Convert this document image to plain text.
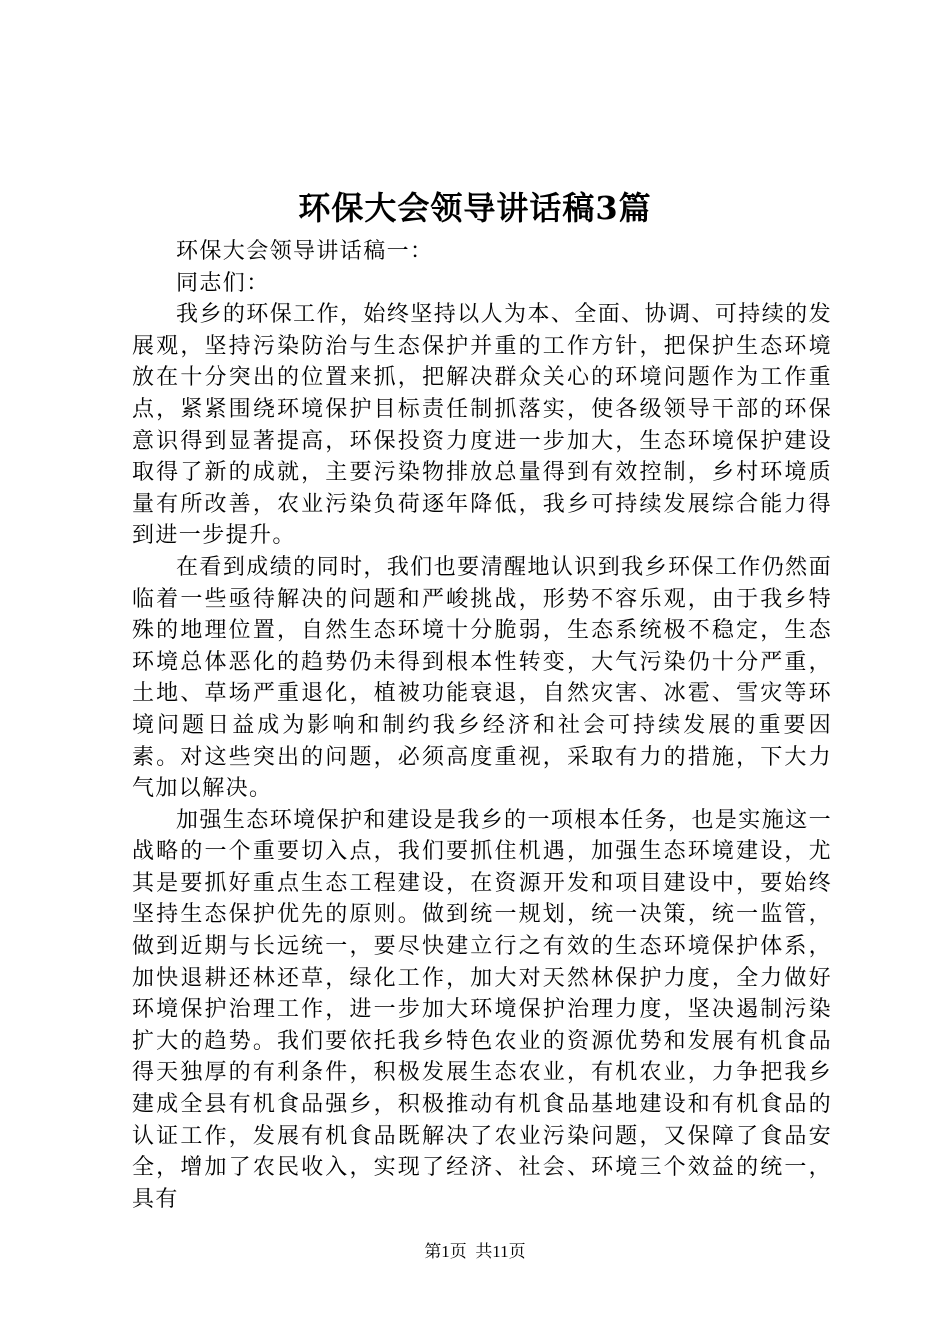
环保大会领导讲话稿3篇

环保大会领导讲话稿一：

同志们：

我乡的环保工作，始终坚持以人为本、全面、协调、可持续的发展观，坚持污染防治与生态保护并重的工作方针，把保护生态环境放在十分突出的位置来抓，把解决群众关心的环境问题作为工作重点，紧紧围绕环境保护目标责任制抓落实，使各级领导干部的环保意识得到显著提高，环保投资力度进一步加大，生态环境保护建设取得了新的成就，主要污染物排放总量得到有效控制，乡村环境质量有所改善，农业污染负荷逐年降低，我乡可持续发展综合能力得到进一步提升。

在看到成绩的同时，我们也要清醒地认识到我乡环保工作仍然面临着一些亟待解决的问题和严峻挑战，形势不容乐观，由于我乡特殊的地理位置，自然生态环境十分脆弱，生态系统极不稳定，生态环境总体恶化的趋势仍未得到根本性转变，大气污染仍十分严重，土地、草场严重退化，植被功能衰退，自然灾害、冰雹、雪灾等环境问题日益成为影响和制约我乡经济和社会可持续发展的重要因素。对这些突出的问题，必须高度重视，采取有力的措施，下大力气加以解决。

加强生态环境保护和建设是我乡的一项根本任务，也是实施这一战略的一个重要切入点，我们要抓住机遇，加强生态环境建设，尤其是要抓好重点生态工程建设，在资源开发和项目建设中，要始终坚持生态保护优先的原则。做到统一规划，统一决策，统一监管，做到近期与长远统一，要尽快建立行之有效的生态环境保护体系，加快退耕还林还草，绿化工作，加大对天然林保护力度，全力做好环境保护治理工作，进一步加大环境保护治理力度，坚决遏制污染扩大的趋势。我们要依托我乡特色农业的资源优势和发展有机食品得天独厚的有利条件，积极发展生态农业，有机农业，力争把我乡建成全县有机食品强乡，积极推动有机食品基地建设和有机食品的认证工作，发展有机食品既解决了农业污染问题，又保障了食品安全，增加了农民收入，实现了经济、社会、环境三个效益的统一，具有

第1页 共11页
